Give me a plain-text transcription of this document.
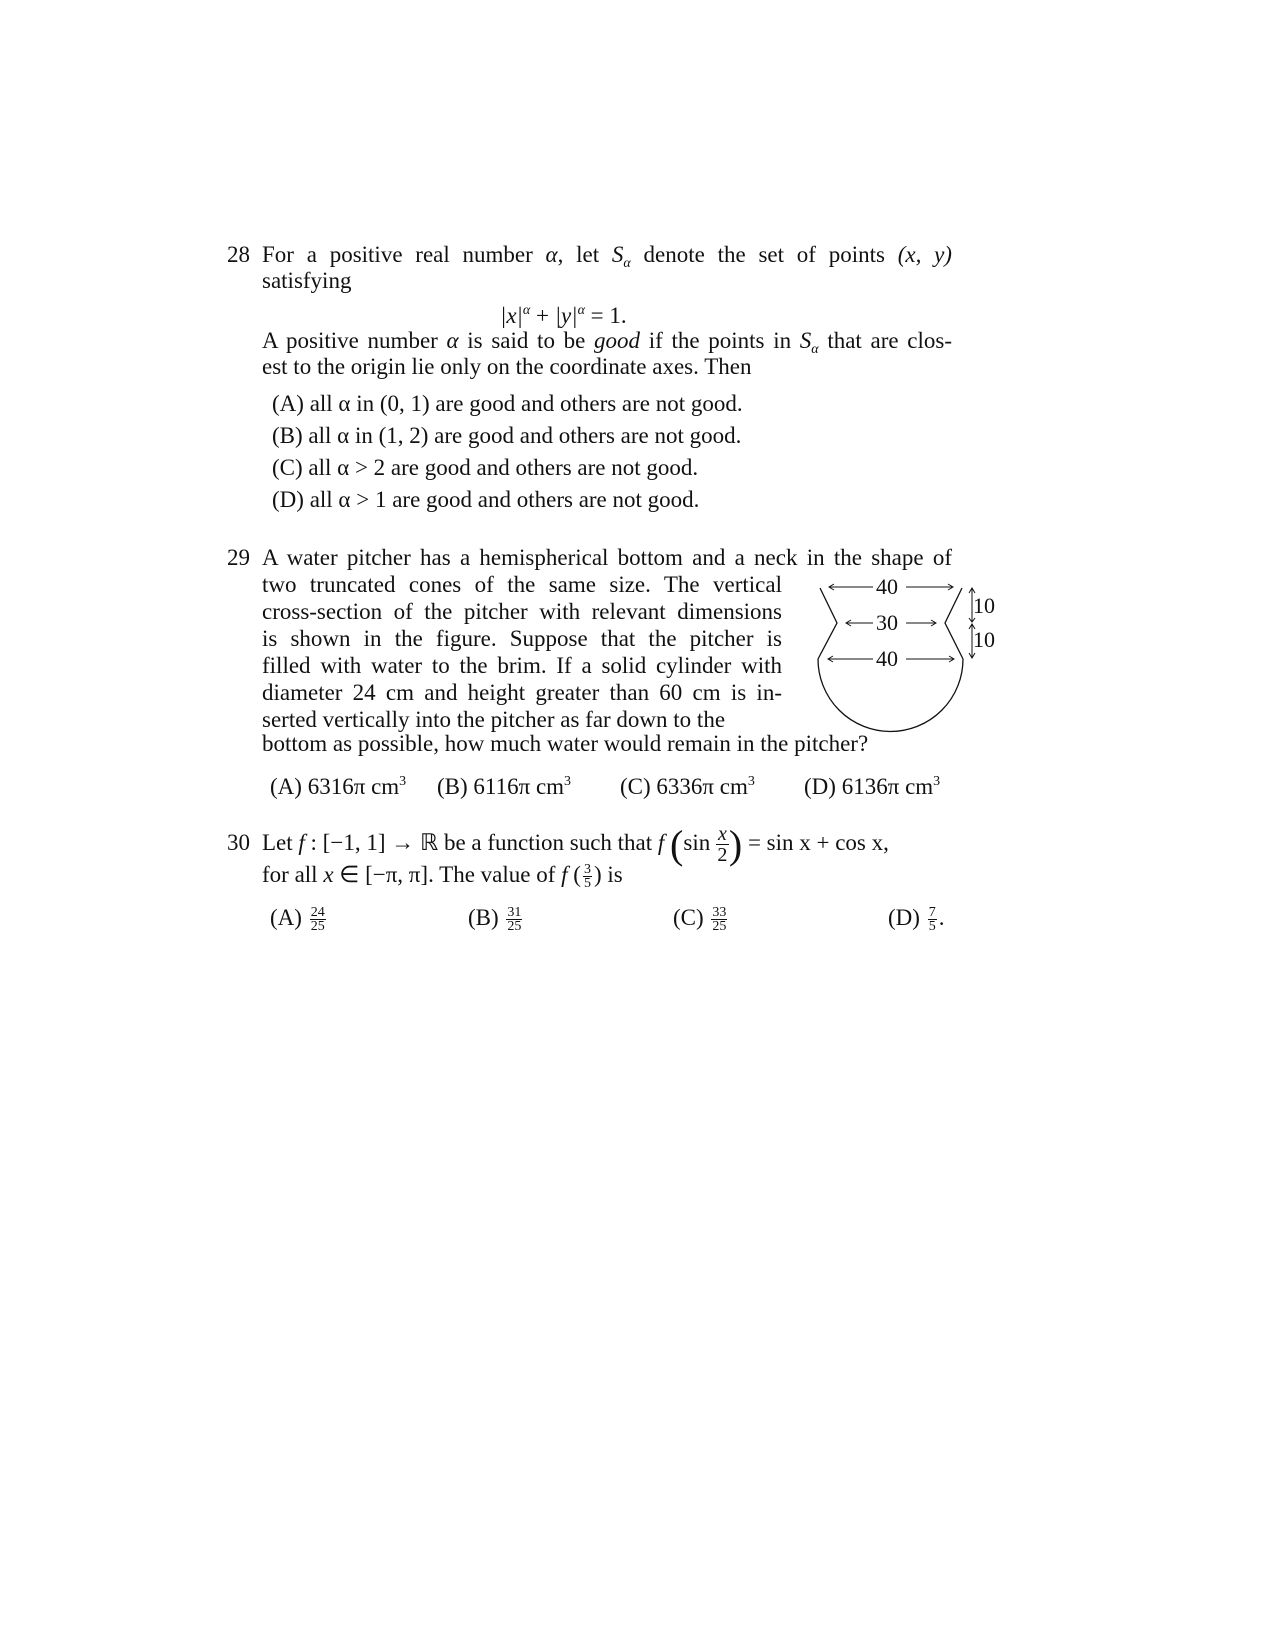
28 For a positive real number α, let $S_\alpha$ denote the set of points (x, y)
satisfying
$|x|^\alpha + |y|^\alpha = 1$.
A positive number α is said to be good if the points in $S_\alpha$ that are clos-
est to the origin lie only on the coordinate axes. Then
(A) all α in (0, 1) are good and others are not good.
(B) all α in (1, 2) are good and others are not good.
(C) all α > 2 are good and others are not good.
(D) all α > 1 are good and others are not good.
29 A water pitcher has a hemispherical bottom and a neck in the shape of
two truncated cones of the same size. The vertical
cross-section of the pitcher with relevant dimensions
is shown in the figure. Suppose that the pitcher is
filled with water to the brim. If a solid cylinder with
diameter 24 cm and height greater than 60 cm is in-
serted vertically into the pitcher as far down to the
bottom as possible, how much water would remain in the pitcher?
40
30
40
10
10
(A) 6316π $cm^3$ (B) 6116π $cm^3$ (C) 6336π $cm^3$ (D) 6136π $cm^3$
30 Let f : [−1, 1] → ℝ be a function such that f $(\sin \frac{x}{2}) = \sin x + \cos x$,
for all x ∈ [−π, π]. The value of f ( $\frac{3}{5}$ ) is
$(A) \frac{24}{25}$	$(B) \frac{31}{25}$	$(C) \frac{33}{25}$	$(D) \frac{7}{5}$ .
